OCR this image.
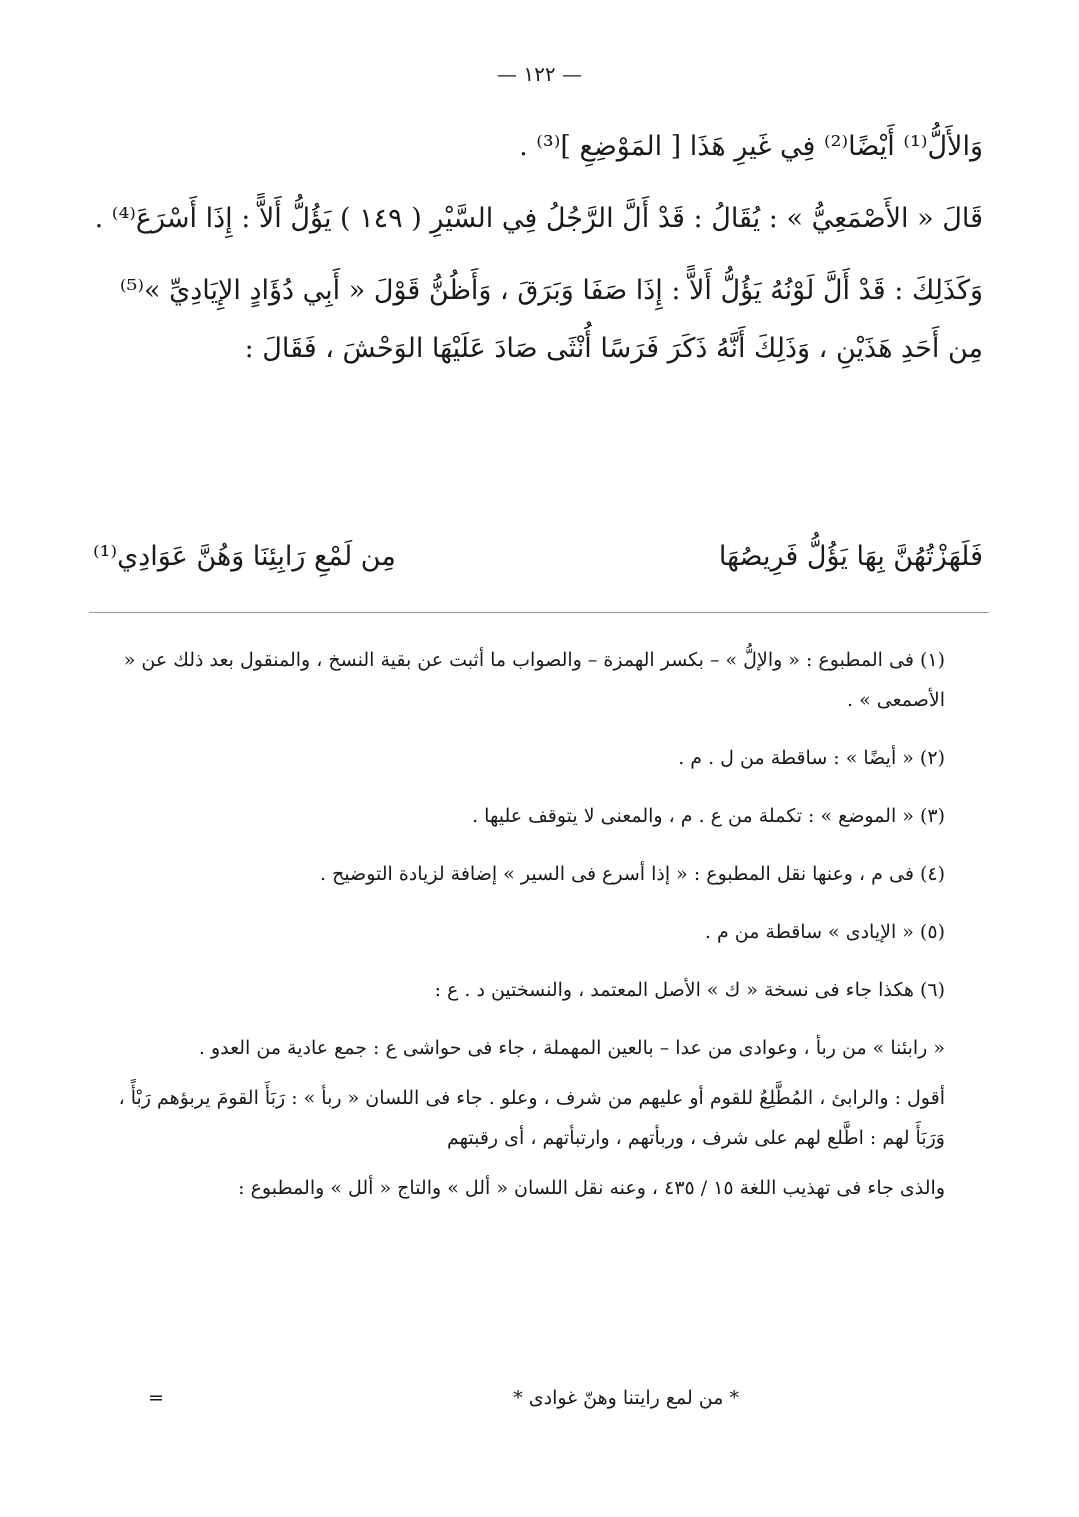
— ١٢٢ —

وَالأَلُّ⁽¹⁾ أَيْضًا⁽²⁾ فِي غَيرِ هَذَا [ المَوْضِعِ ]⁽³⁾ .

قَالَ « الأَصْمَعِيُّ » : يُقَالُ : قَدْ أَلَّ الرَّجُلُ فِي السَّيْرِ ( ١٤٩ ) يَؤُلُّ أَلاًّ : إِذَا أَسْرَعَ⁽⁴⁾ .

وَكَذَلِكَ : قَدْ أَلَّ لَوْنُهُ يَؤُلُّ أَلاًّ : إِذَا صَفَا وَبَرَقَ ، وَأَظُنُّ قَوْلَ « أَبِي دُؤَادٍ الإِيَادِيِّ »⁽⁵⁾ مِن أَحَدِ هَذَيْنِ ، وَذَلِكَ أَنَّهُ ذَكَرَ فَرَسًا أُنْثَى صَادَ عَلَيْهَا الوَحْشَ ، فَقَالَ :

فَلَهَزْتُهُنَّ بِهَا يَؤُلُّ فَرِيصُهَا
مِن لَمْعِ رَابِئِنَا وَهُنَّ عَوَادِي⁽¹⁾

(١) فى المطبوع : « والإلُّ » – بكسر الهمزة – والصواب ما أثبت عن بقية النسخ ، والمنقول بعد ذلك عن « الأصمعى » .

(٢) « أيضًا » : ساقطة من ل . م .

(٣) « الموضع » : تكملة من ع . م ، والمعنى لا يتوقف عليها .

(٤) فى م ، وعنها نقل المطبوع : « إذا أسرع فى السير » إضافة لزيادة التوضيح .

(٥) « الإيادى » ساقطة من م .

(٦) هكذا جاء فى نسخة « ك » الأصل المعتمد ، والنسختين د . ع :

« رابئنا » من ربأ ، وعوادى من عدا – بالعين المهملة ، جاء فى حواشى ع : جمع عادية من العدو .

أقول : والرابئ ، المُطَّلِعُ للقوم أو عليهم من شرف ، وعلو . جاء فى اللسان « ربأ » : رَبَأَ القومَ يربؤهم رَبْأً ، وَرَبَأَ لهم : اطَّلع لهم على شرف ، وربأتهم ، وارتبأتهم ، أى رقبتهم

والذى جاء فى تهذيب اللغة ١٥ / ٤٣٥ ، وعنه نقل اللسان « ألل » والتاج « ألل » والمطبوع :

* من لمع رايتنا وهنّ غوادى *
=
